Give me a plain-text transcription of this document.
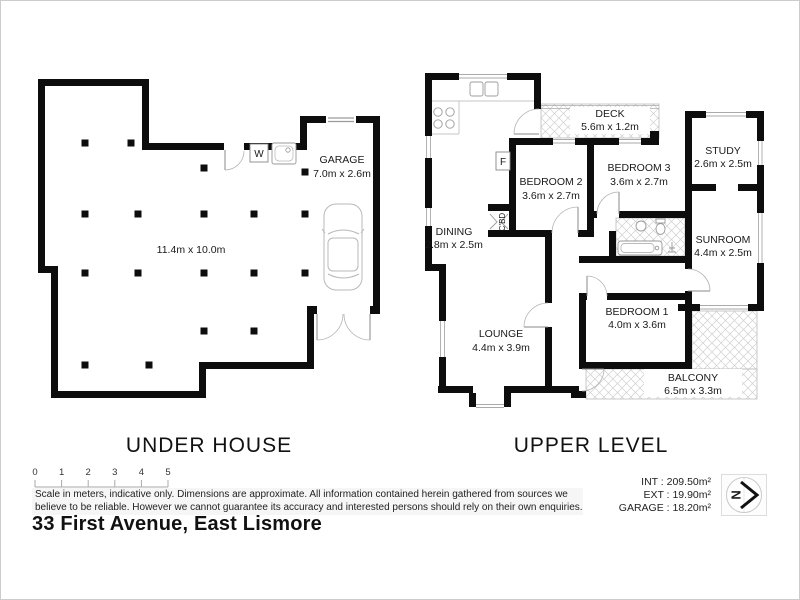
W
11.4m x 10.0m
GARAGE
7.0m x 2.6m
UNDER HOUSE
F
DECK
5.6m x 1.2m
BALCONY
6.5m x 3.3m
BEDROOM 2
3.6m x 2.7m
BEDROOM 3
3.6m x 2.7m
STUDY
2.6m x 2.5m
DINING
2.8m x 2.5m	SUNROOM
4.4m x 2.5m
BEDROOM 1
4.0m x 3.6m
LOUNGE
4.4m x 3.9m
C'BD
UPPER LEVEL
0 1 2 3 4 5
Scale in meters, indicative only. Dimensions are approximate. All information contained herein gathered from sources we
believe to be reliable. However we cannot guarantee its accuracy and interested persons should rely on their own enquiries.
INT : 209.50m²
EXT : 19.90m²
GARAGE : 18.20m²
N
33 First Avenue, East Lismore
